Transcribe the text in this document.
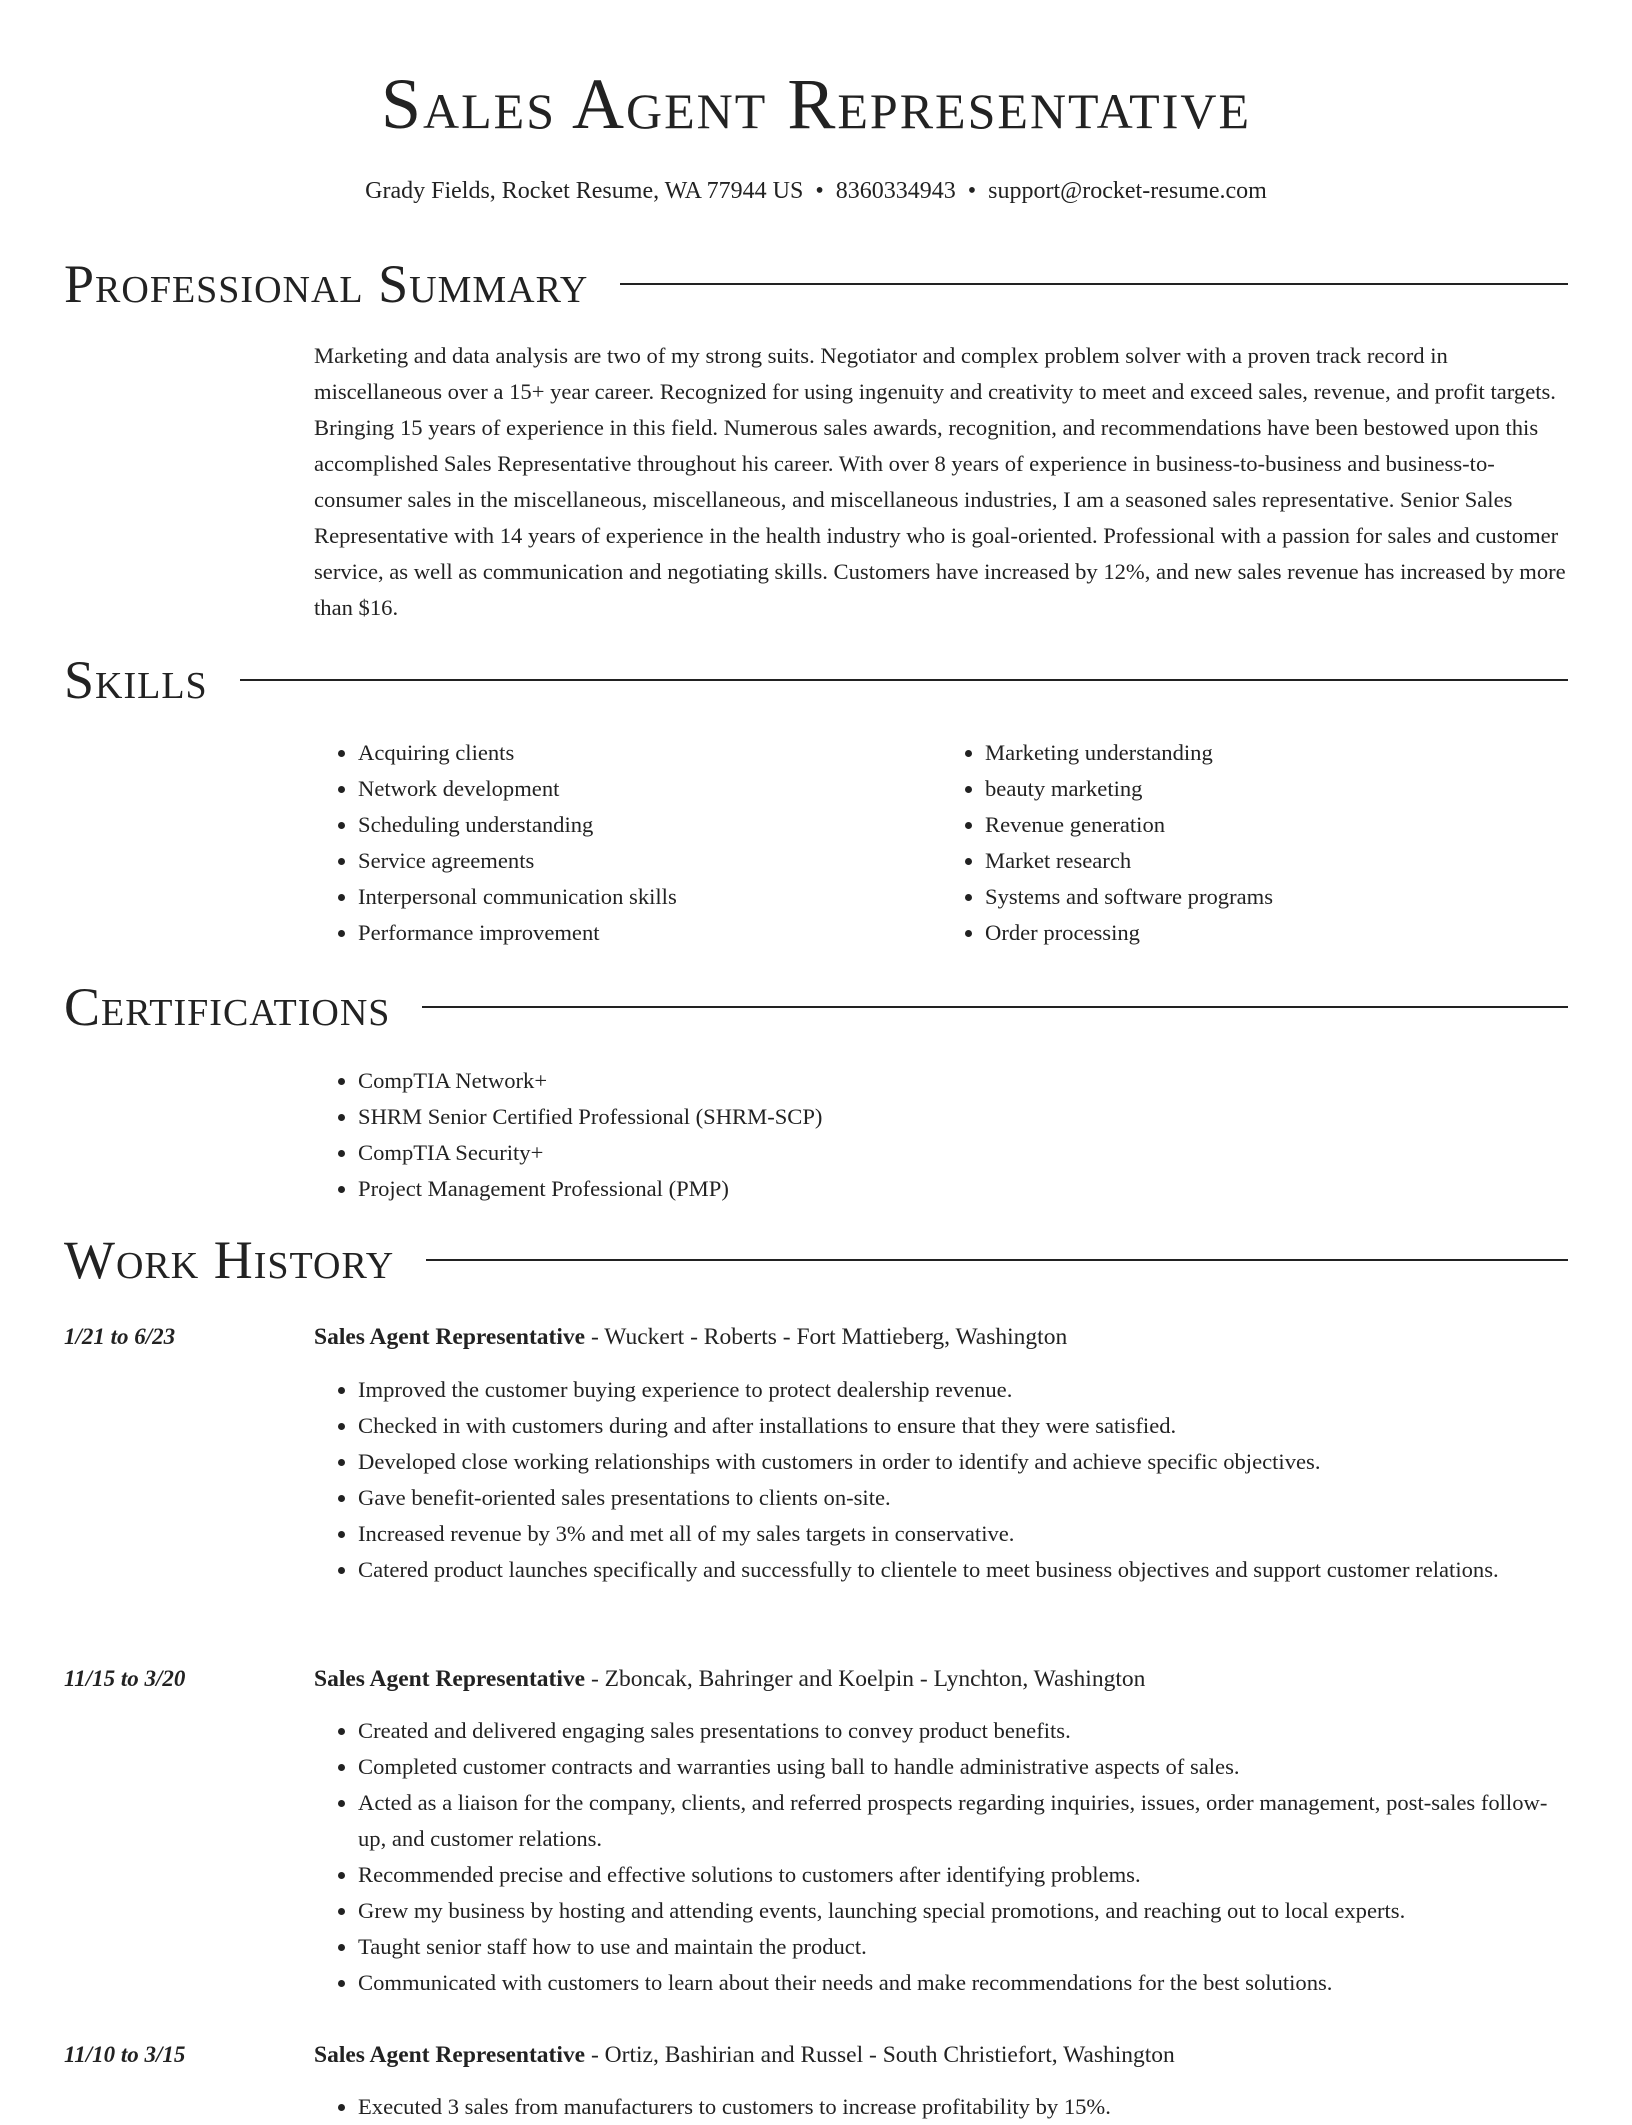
Sales Agent Representative
Grady Fields, Rocket Resume, WA 77944 US • 8360334943 • support@rocket-resume.com
Professional Summary

Marketing and data analysis are two of my strong suits. Negotiator and complex problem solver with a proven track record in miscellaneous over a 15+ year career. Recognized for using ingenuity and creativity to meet and exceed sales, revenue, and profit targets. Bringing 15 years of experience in this field. Numerous sales awards, recognition, and recommendations have been bestowed upon this accomplished Sales Representative throughout his career. With over 8 years of experience in business-to-business and business-to-consumer sales in the miscellaneous, miscellaneous, and miscellaneous industries, I am a seasoned sales representative. Senior Sales Representative with 14 years of experience in the health industry who is goal-oriented. Professional with a passion for sales and customer service, as well as communication and negotiating skills. Customers have increased by 12%, and new sales revenue has increased by more than $16.

Skills
• Acquiring clients
• Network development
• Scheduling understanding
• Service agreements
• Interpersonal communication skills
• Performance improvement
• Marketing understanding
• beauty marketing
• Revenue generation
• Market research
• Systems and software programs
• Order processing
Certifications
• CompTIA Network+
• SHRM Senior Certified Professional (SHRM-SCP)
• CompTIA Security+
• Project Management Professional (PMP)
Work History
1/21 to 6/23	Sales Agent Representative - Wuckert - Roberts - Fort Mattieberg, Washington
• Improved the customer buying experience to protect dealership revenue.
• Checked in with customers during and after installations to ensure that they were satisfied.
• Developed close working relationships with customers in order to identify and achieve specific objectives.
• Gave benefit-oriented sales presentations to clients on-site.
• Increased revenue by 3% and met all of my sales targets in conservative.
• Catered product launches specifically and successfully to clientele to meet business objectives and support customer relations.
11/15 to 3/20	Sales Agent Representative - Zboncak, Bahringer and Koelpin - Lynchton, Washington
• Created and delivered engaging sales presentations to convey product benefits.
• Completed customer contracts and warranties using ball to handle administrative aspects of sales.
• Acted as a liaison for the company, clients, and referred prospects regarding inquiries, issues, order management, post-sales follow-up, and customer relations.
• Recommended precise and effective solutions to customers after identifying problems.
• Grew my business by hosting and attending events, launching special promotions, and reaching out to local experts.
• Taught senior staff how to use and maintain the product.
• Communicated with customers to learn about their needs and make recommendations for the best solutions.
11/10 to 3/15	Sales Agent Representative - Ortiz, Bashirian and Russel - South Christiefort, Washington
• Executed 3 sales from manufacturers to customers to increase profitability by 15%.
